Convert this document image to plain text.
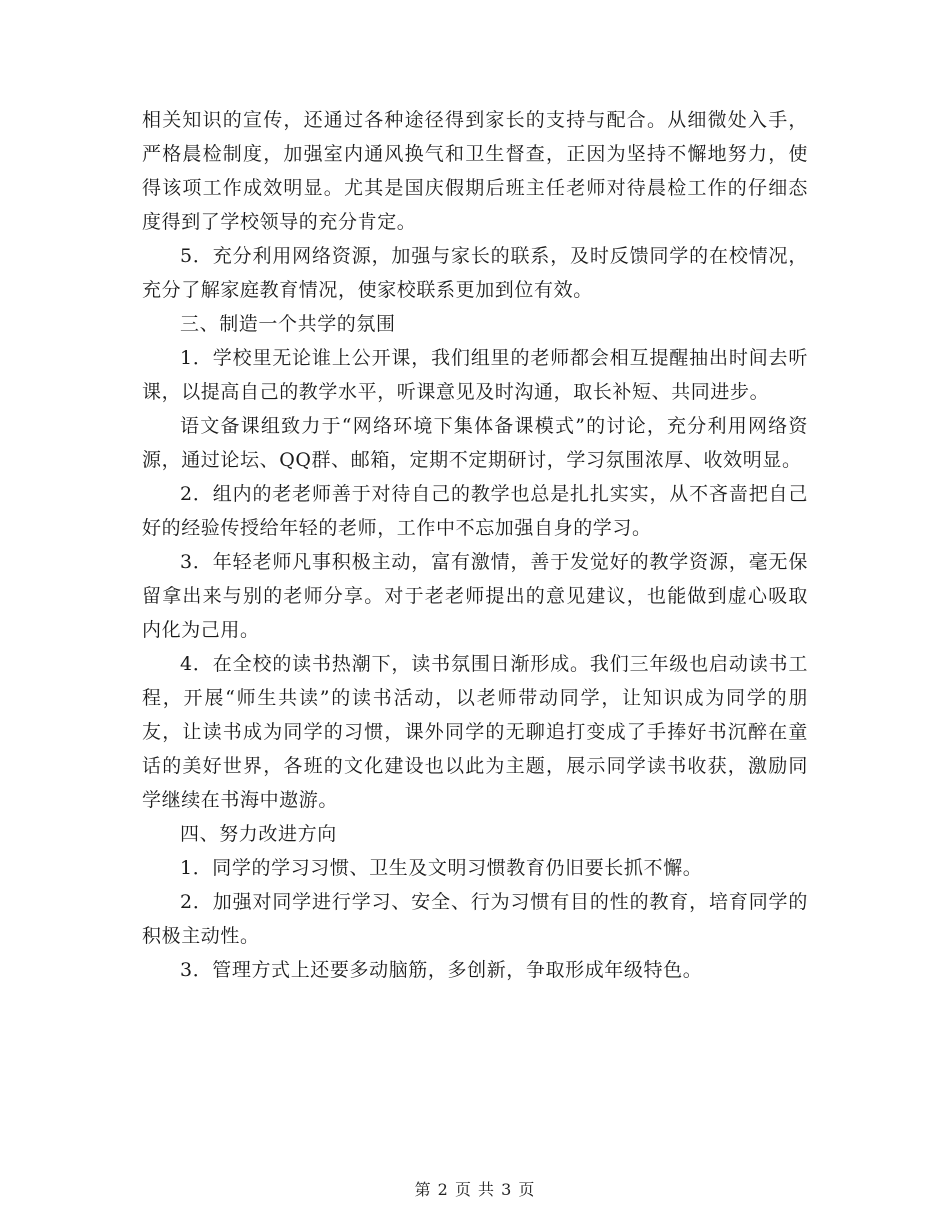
相关知识的宣传，还通过各种途径得到家长的支持与配合。从细微处入手，严格晨检制度，加强室内通风换气和卫生督查，正因为坚持不懈地努力，使得该项工作成效明显。尤其是国庆假期后班主任老师对待晨检工作的仔细态度得到了学校领导的充分肯定。

5．充分利用网络资源，加强与家长的联系，及时反馈同学的在校情况，充分了解家庭教育情况，使家校联系更加到位有效。

三、制造一个共学的氛围

1．学校里无论谁上公开课，我们组里的老师都会相互提醒抽出时间去听课，以提高自己的教学水平，听课意见及时沟通，取长补短、共同进步。

语文备课组致力于“网络环境下集体备课模式”的讨论，充分利用网络资源，通过论坛、QQ群、邮箱，定期不定期研讨，学习氛围浓厚、收效明显。

2．组内的老老师善于对待自己的教学也总是扎扎实实，从不吝啬把自己好的经验传授给年轻的老师，工作中不忘加强自身的学习。

3．年轻老师凡事积极主动，富有激情，善于发觉好的教学资源，毫无保留拿出来与别的老师分享。对于老老师提出的意见建议，也能做到虚心吸取内化为己用。

4．在全校的读书热潮下，读书氛围日渐形成。我们三年级也启动读书工程，开展“师生共读”的读书活动，以老师带动同学，让知识成为同学的朋友，让读书成为同学的习惯，课外同学的无聊追打变成了手捧好书沉醉在童话的美好世界，各班的文化建设也以此为主题，展示同学读书收获，激励同学继续在书海中遨游。

四、努力改进方向

1．同学的学习习惯、卫生及文明习惯教育仍旧要长抓不懈。

2．加强对同学进行学习、安全、行为习惯有目的性的教育，培育同学的积极主动性。

3．管理方式上还要多动脑筋，多创新，争取形成年级特色。

第 2 页 共 3 页
